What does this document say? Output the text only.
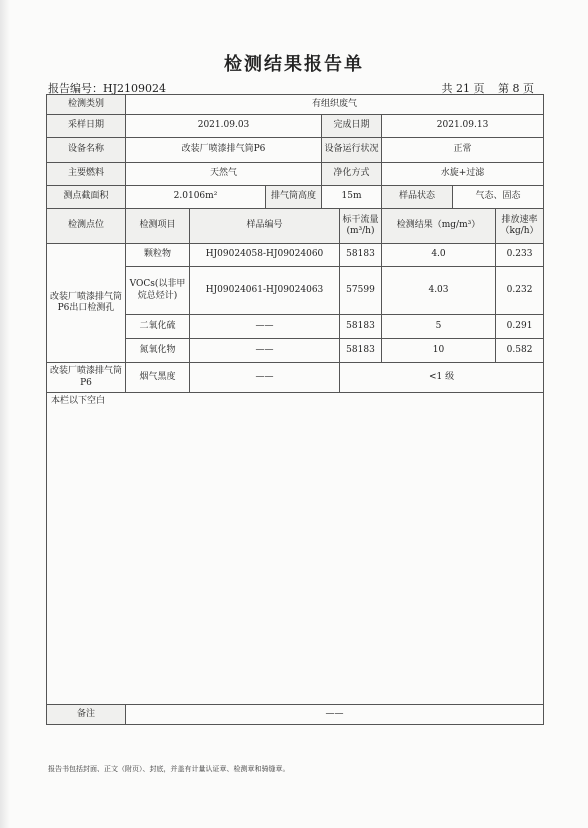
检测结果报告单
报告编号：HJ2109024	共 21 页 第 8 页
检测类别	有组织废气							
采样日期	2021.09.03			完成日期		2021.09.13		
设备名称	改装厂喷漆排气筒P6			设备运行状况		正常		
主要燃料	天然气			净化方式		水旋+过滤		
测点截面积	2.0106m²		排气筒高度	15m		样品状态	气态、固态	
检测点位	检测项目	样品编号			标干流量(m³/h)	检测结果（mg/m³）		排放速率（kg/h）
改装厂喷漆排气筒P6出口检测孔	颗粒物	HJ09024058-HJ09024060			58183	4.0		0.233
	VOCs(以非甲烷总烃计)	HJ09024061-HJ09024063			57599	4.03		0.232
	二氧化硫	——			58183	5		0.291
	氮氧化物	——			58183	10		0.582
改装厂喷漆排气筒P6	烟气黑度	——			<1 级			
本栏以下空白								
备注	——							
报告书包括封面、正文（附页）、封底，并盖有计量认证章、检测章和骑缝章。
